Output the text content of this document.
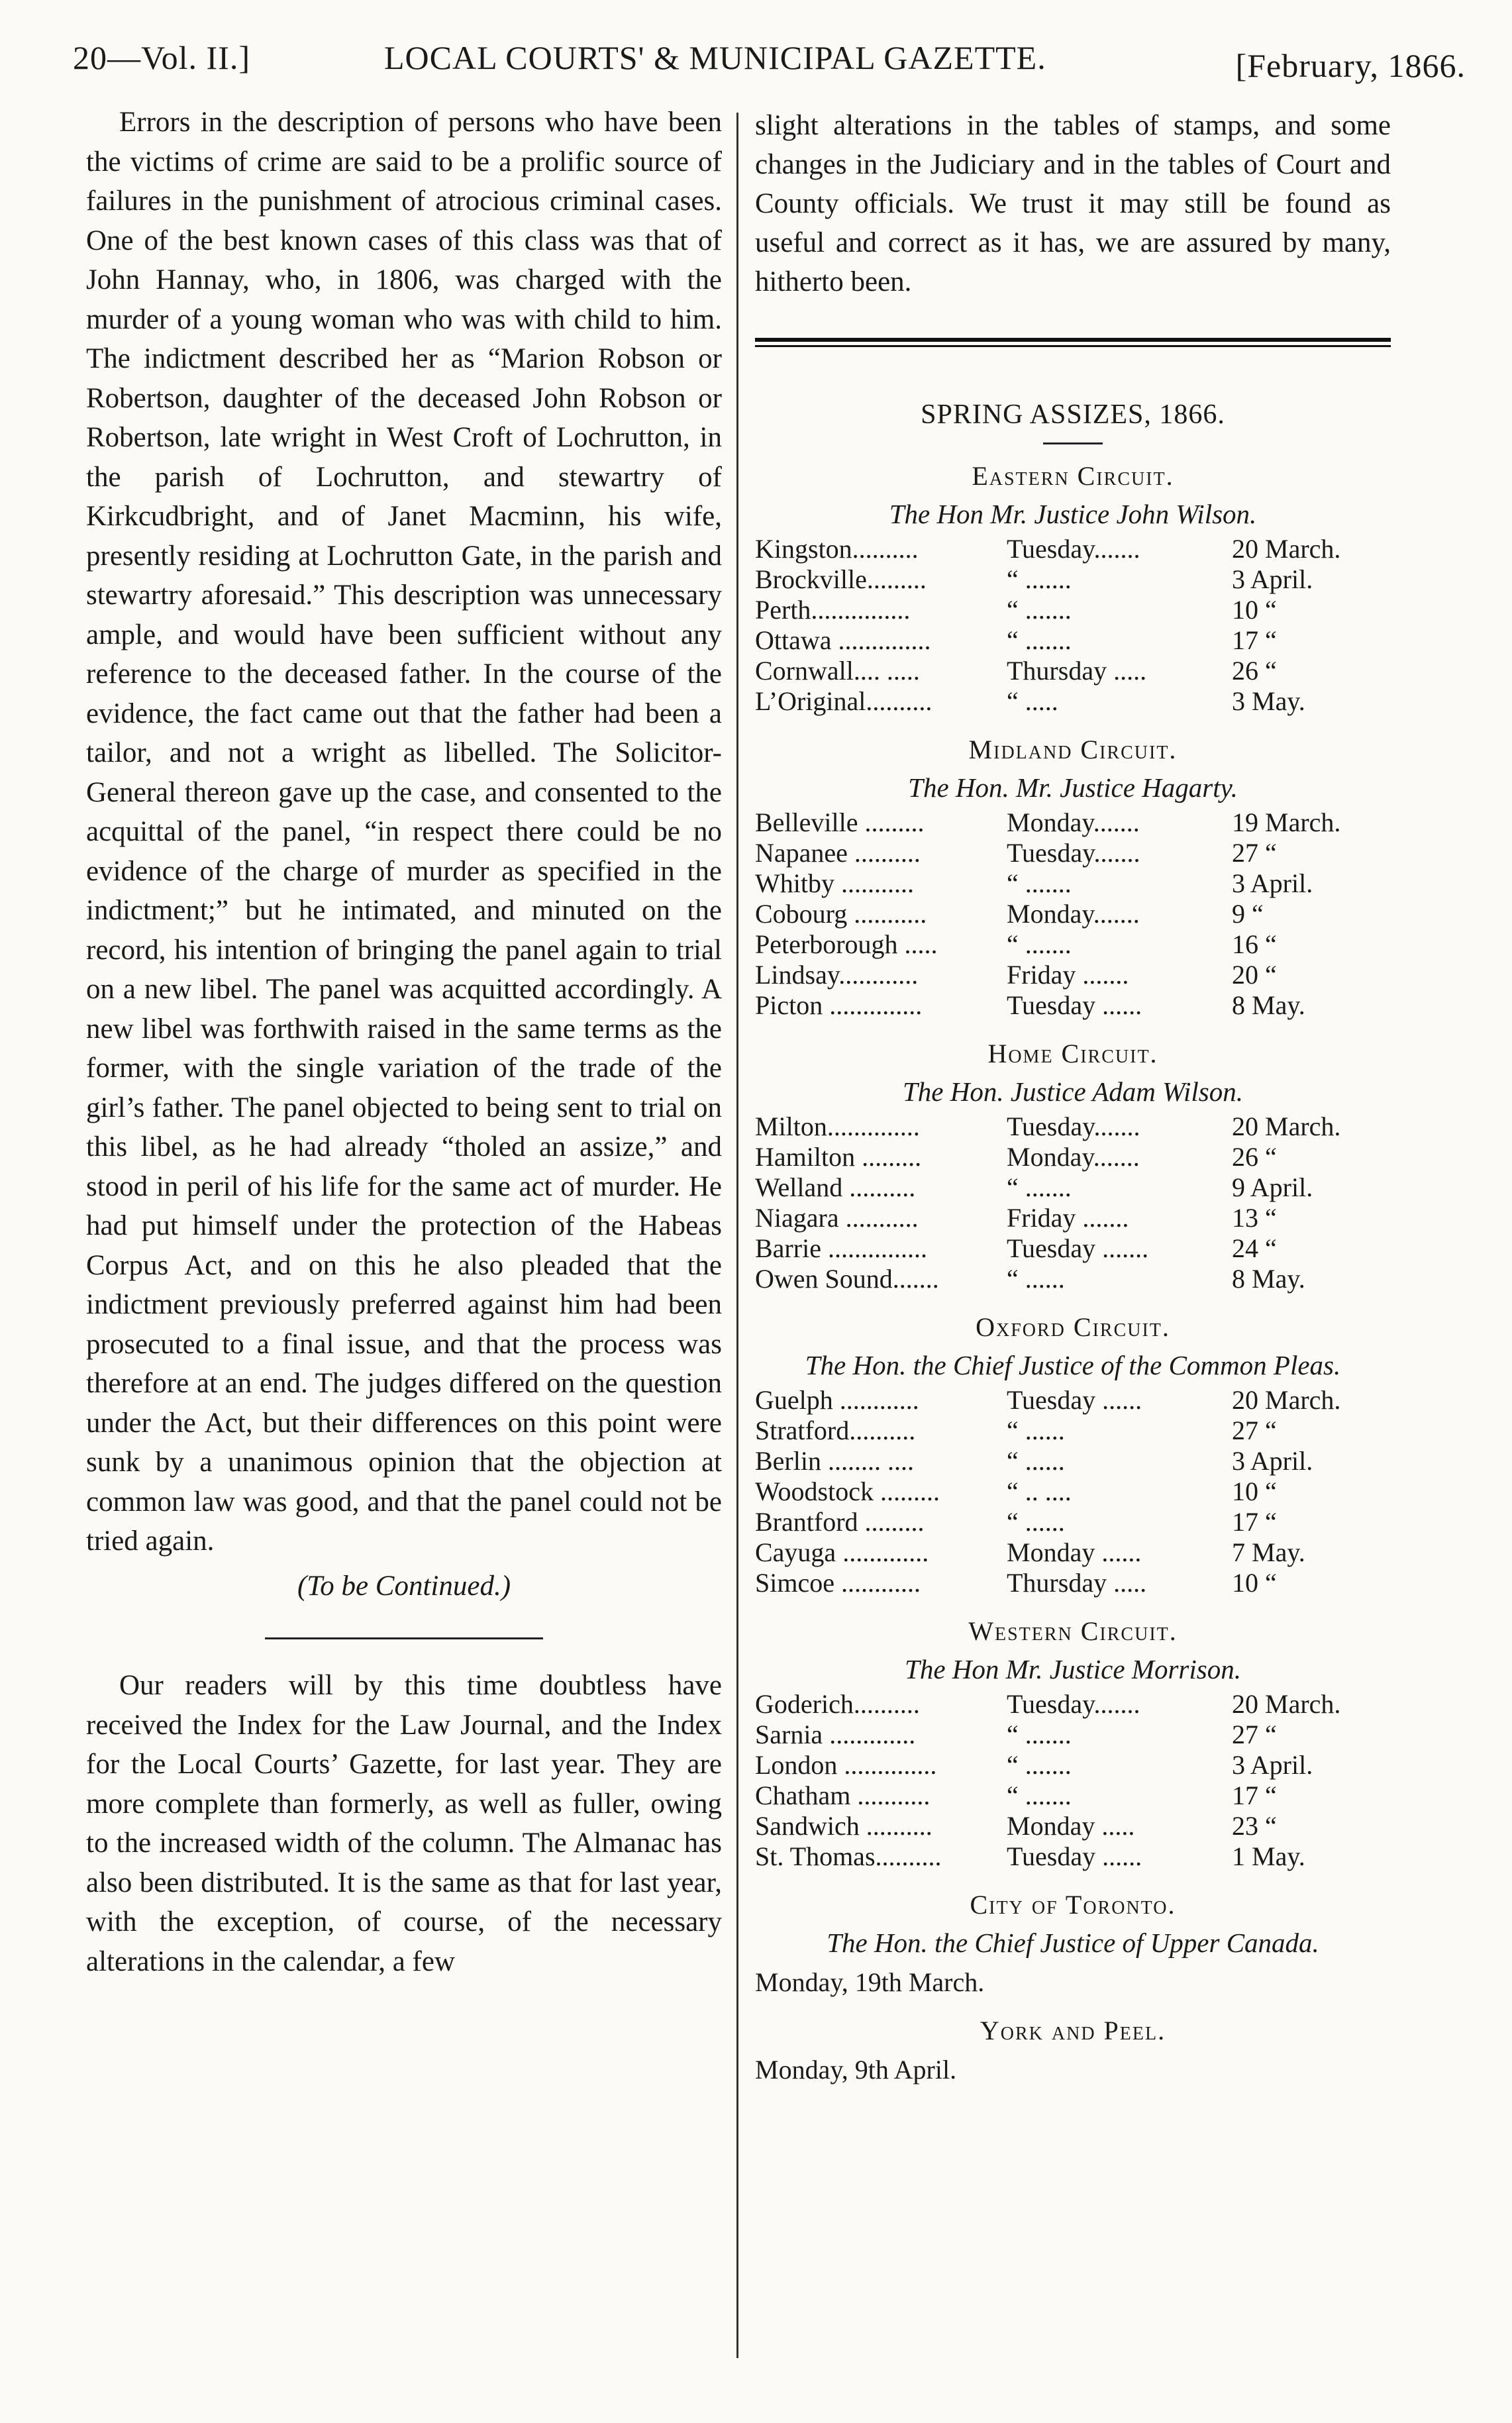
20—Vol. II.]	LOCAL COURTS' & MUNICIPAL GAZETTE.	[February, 1866.

Errors in the description of persons who have been the victims of crime are said to be a prolific source of failures in the punishment of atrocious criminal cases. One of the best known cases of this class was that of John Hannay, who, in 1806, was charged with the murder of a young woman who was with child to him. The indictment described her as “Marion Robson or Robertson, daughter of the deceased John Robson or Robertson, late wright in West Croft of Lochrutton, in the parish of Lochrutton, and stewartry of Kirkcudbright, and of Janet Macminn, his wife, presently residing at Lochrutton Gate, in the parish and stewartry aforesaid.” This description was unnecessary ample, and would have been sufficient without any reference to the deceased father. In the course of the evidence, the fact came out that the father had been a tailor, and not a wright as libelled. The Solicitor-General thereon gave up the case, and consented to the acquittal of the panel, “in respect there could be no evidence of the charge of murder as specified in the indictment;” but he intimated, and minuted on the record, his intention of bringing the panel again to trial on a new libel. The panel was acquitted accordingly. A new libel was forthwith raised in the same terms as the former, with the single variation of the trade of the girl’s father. The panel objected to being sent to trial on this libel, as he had already “tholed an assize,” and stood in peril of his life for the same act of murder. He had put himself under the protection of the Habeas Corpus Act, and on this he also pleaded that the indictment previously preferred against him had been prosecuted to a final issue, and that the process was therefore at an end. The judges differed on the question under the Act, but their differences on this point were sunk by a unanimous opinion that the objection at common law was good, and that the panel could not be tried again.

(To be Continued.)

Our readers will by this time doubtless have received the Index for the Law Journal, and the Index for the Local Courts’ Gazette, for last year. They are more complete than formerly, as well as fuller, owing to the increased width of the column. The Almanac has also been distributed. It is the same as that for last year, with the exception, of course, of the necessary alterations in the calendar, a few

slight alterations in the tables of stamps, and some changes in the Judiciary and in the tables of Court and County officials. We trust it may still be found as useful and correct as it has, we are assured by many, hitherto been.
SPRING ASSIZES, 1866.
Eastern Circuit.
The Hon Mr. Justice John Wilson.
Kingston..........	Tuesday.......	20 March.
Brockville.........	“ .......	3 April.
Perth...............	“ .......	10 “
Ottawa ..............	“ .......	17 “
Cornwall.... .....	Thursday .....	26 “
L’Original..........	“ .....	3 May.
Midland Circuit.
The Hon. Mr. Justice Hagarty.
Belleville .........	Monday.......	19 March.
Napanee ..........	Tuesday.......	27 “
Whitby ...........	“ .......	3 April.
Cobourg ...........	Monday.......	9 “
Peterborough .....	“ .......	16 “
Lindsay............	Friday .......	20 “
Picton ..............	Tuesday ......	8 May.
Home Circuit.
The Hon. Justice Adam Wilson.
Milton..............	Tuesday.......	20 March.
Hamilton .........	Monday.......	26 “
Welland ..........	“ .......	9 April.
Niagara ...........	Friday .......	13 “
Barrie ...............	Tuesday .......	24 “
Owen Sound.......	“ ......	8 May.
Oxford Circuit.
The Hon. the Chief Justice of the Common Pleas.
Guelph ............	Tuesday ......	20 March.
Stratford..........	“ ......	27 “
Berlin ........ ....	“ ......	3 April.
Woodstock .........	“ .. ....	10 “
Brantford .........	“ ......	17 “
Cayuga .............	Monday ......	7 May.
Simcoe ............	Thursday .....	10 “
Western Circuit.
The Hon Mr. Justice Morrison.
Goderich..........	Tuesday.......	20 March.
Sarnia .............	“ .......	27 “
London ..............	“ .......	3 April.
Chatham ...........	“ .......	17 “
Sandwich ..........	Monday .....	23 “
St. Thomas..........	Tuesday ......	1 May.
City of Toronto.
The Hon. the Chief Justice of Upper Canada.
Monday, 19th March.
York and Peel.
Monday, 9th April.
